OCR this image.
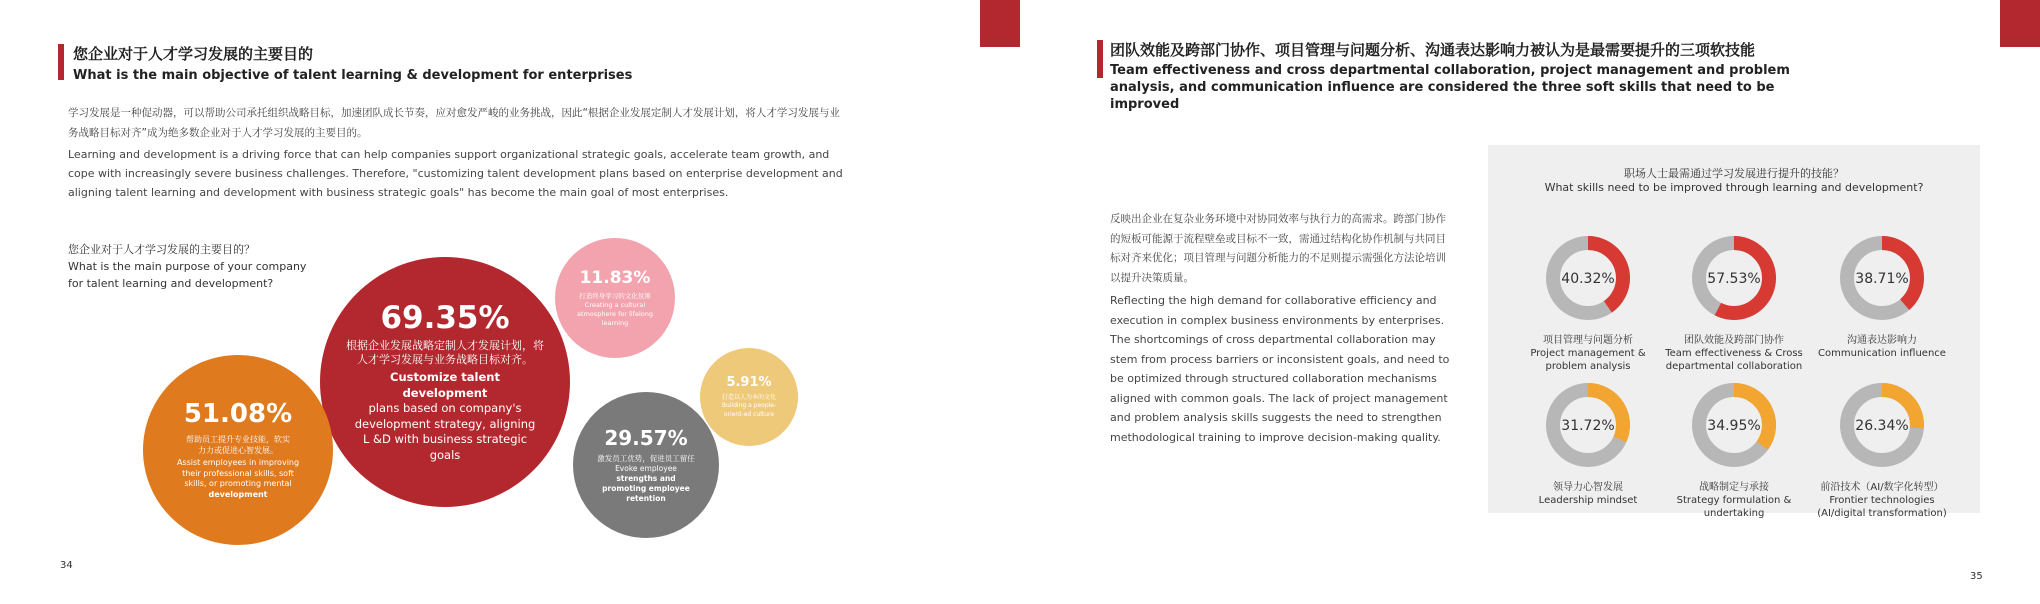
您企业对于人才学习发展的主要目的
What is the main objective of talent learning & development for enterprises
学习发展是一种促动器，可以帮助公司承托组织战略目标，加速团队成长节奏，应对愈发严峻的业务挑战，因此“根据企业发展定制人才发展计划，将人才学习发展与业务战略目标对齐”成为绝多数企业对于人才学习发展的主要目的。
Learning and development is a driving force that can help companies support organizational strategic goals, accelerate team growth, and cope with increasingly severe business challenges. Therefore, "customizing talent development plans based on enterprise development and aligning talent learning and development with business strategic goals" has become the main goal of most enterprises.
您企业对于人才学习发展的主要目的？
What is the main purpose of your company for talent learning and development?
69.35%
根据企业发展战略定制人才发展计划，将人才学习发展与业务战略目标对齐。
Customize talent development
plans based on company's development strategy, aligning L &D with business strategic goals
51.08%
帮助员工提升专业技能，软实力力或促进心智发展。
Assist employees in improving their professional skills, soft skills, or promoting mental
development
29.57%
激发员工优势，促进员工留任
Evoke employee
strengths and promoting employee retention
11.83%
打造终身学习的文化氛围
Creating a cultural atmosphere for lifelong learning
5.91%
打造以人为本的文化
Building a people-orient-ed culture
34
团队效能及跨部门协作、项目管理与问题分析、沟通表达影响力被认为是最需要提升的三项软技能
Team effectiveness and cross departmental collaboration, project management and problem analysis, and communication influence are considered the three soft skills that need to be improved
反映出企业在复杂业务环境中对协同效率与执行力的高需求。跨部门协作的短板可能源于流程壁垒或目标不一致，需通过结构化协作机制与共同目标对齐来优化；项目管理与问题分析能力的不足则提示需强化方法论培训以提升决策质量。
Reflecting the high demand for collaborative efficiency and execution in complex business environments by enterprises. The shortcomings of cross departmental collaboration may stem from process barriers or inconsistent goals, and need to be optimized through structured collaboration mechanisms aligned with common goals. The lack of project management and problem analysis skills suggests the need to strengthen methodological training to improve decision-making quality.
35
职场人士最需通过学习发展进行提升的技能？
What skills need to be improved through learning and development?
40.32%
项目管理与问题分析
Project management & problem analysis
57.53%
团队效能及跨部门协作
Team effectiveness & Cross departmental collaboration
38.71%
沟通表达影响力
Communication influence
31.72%
领导力心智发展
Leadership mindset
34.95%
战略制定与承接
Strategy formulation & undertaking
26.34%
前沿技术（AI/数字化转型）
Frontier technologies (AI/digital transformation)
